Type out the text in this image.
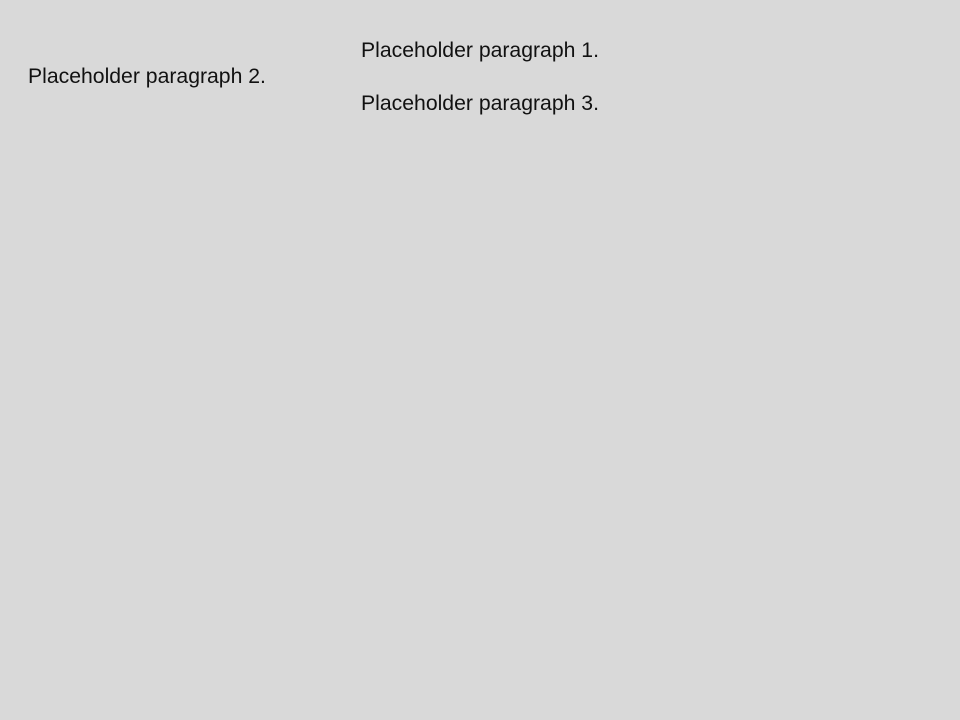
Placeholder paragraph 1.

Placeholder paragraph 2.

Placeholder paragraph 3.
